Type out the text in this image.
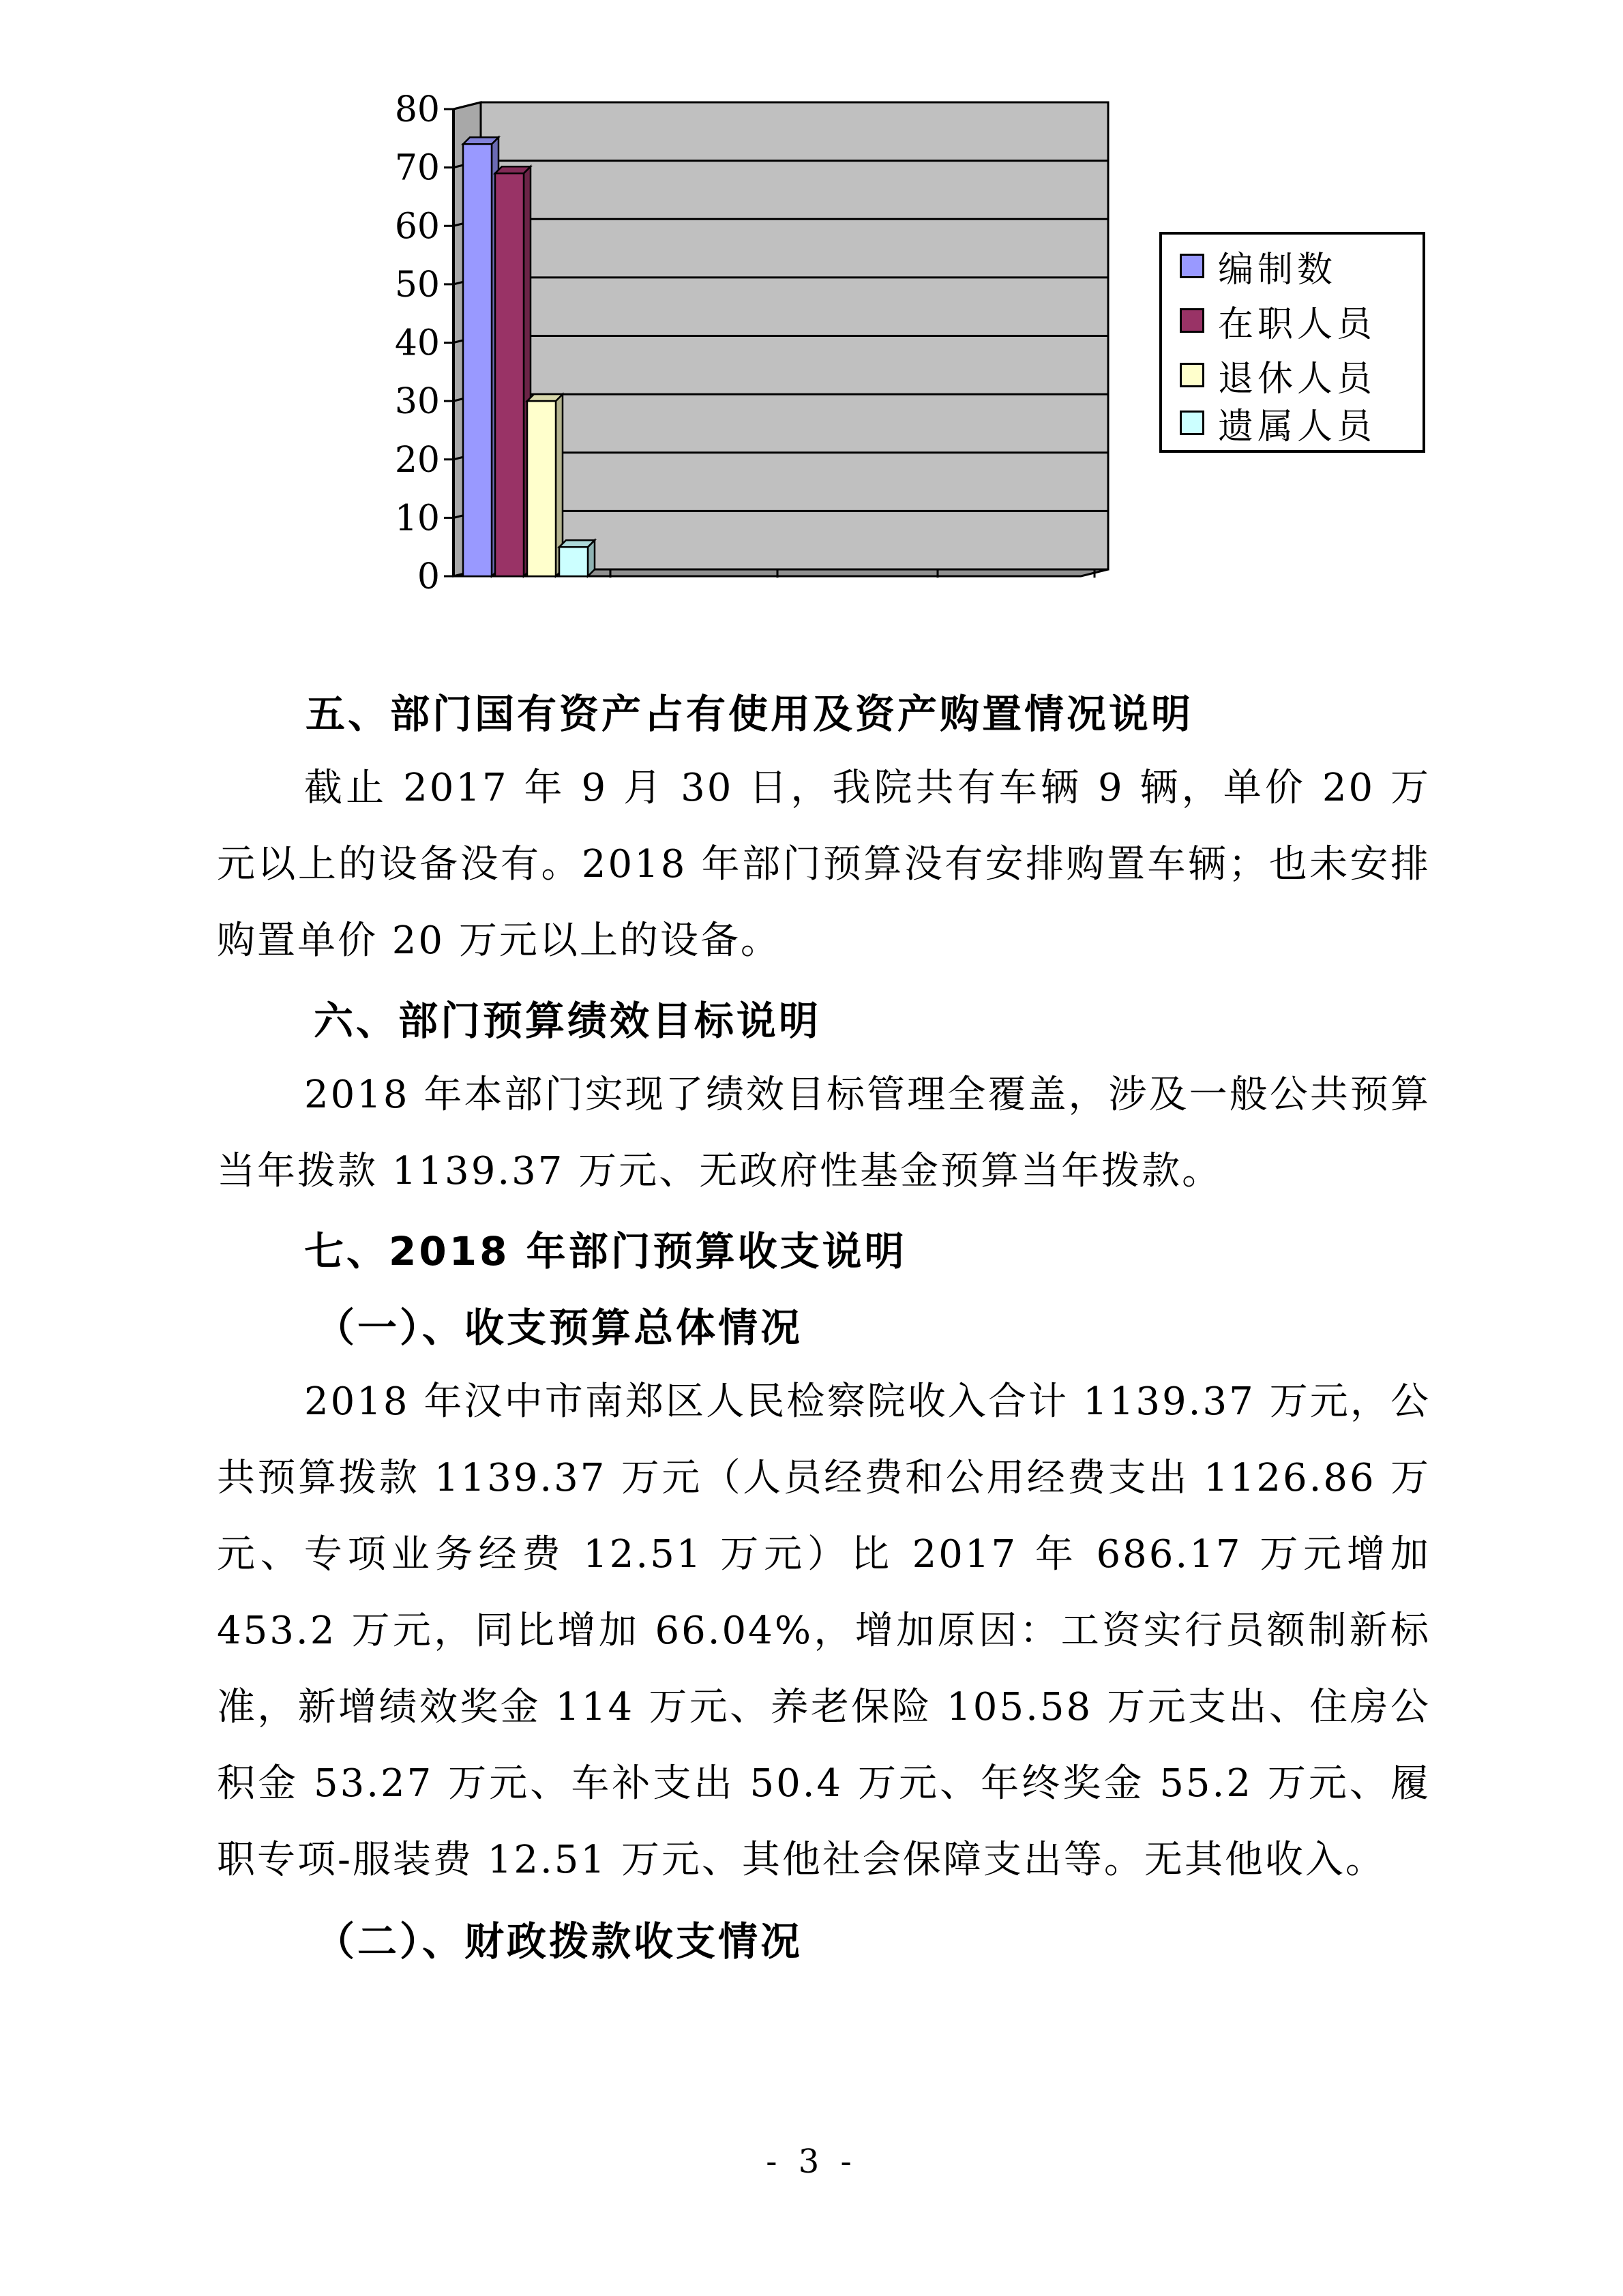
0
10
20
30
40
50
60
70
80
编制数
在职人员
退休人员
遗属人员
五、部门国有资产占有使用及资产购置情况说明
截止 2017 年 9 月 30 日，我院共有车辆 9 辆，单价 20 万元以上的设备没有。2018 年部门预算没有安排购置车辆；也未安排购置单价 20 万元以上的设备。
六、部门预算绩效目标说明
2018 年本部门实现了绩效目标管理全覆盖，涉及一般公共预算当年拨款 1139.37 万元、无政府性基金预算当年拨款。
七、2018 年部门预算收支说明
（一）、收支预算总体情况
2018 年汉中市南郑区人民检察院收入合计 1139.37 万元，公共预算拨款 1139.37 万元（人员经费和公用经费支出 1126.86 万元、专项业务经费 12.51 万元）比 2017 年 686.17 万元增加 453.2 万元，同比增加 66.04%，增加原因：工资实行员额制新标准，新增绩效奖金 114 万元、养老保险 105.58 万元支出、住房公积金 53.27 万元、车补支出 50.4 万元、年终奖金 55.2 万元、履职专项-服装费 12.51 万元、其他社会保障支出等。无其他收入。
（二）、财政拨款收支情况
- 3 -
